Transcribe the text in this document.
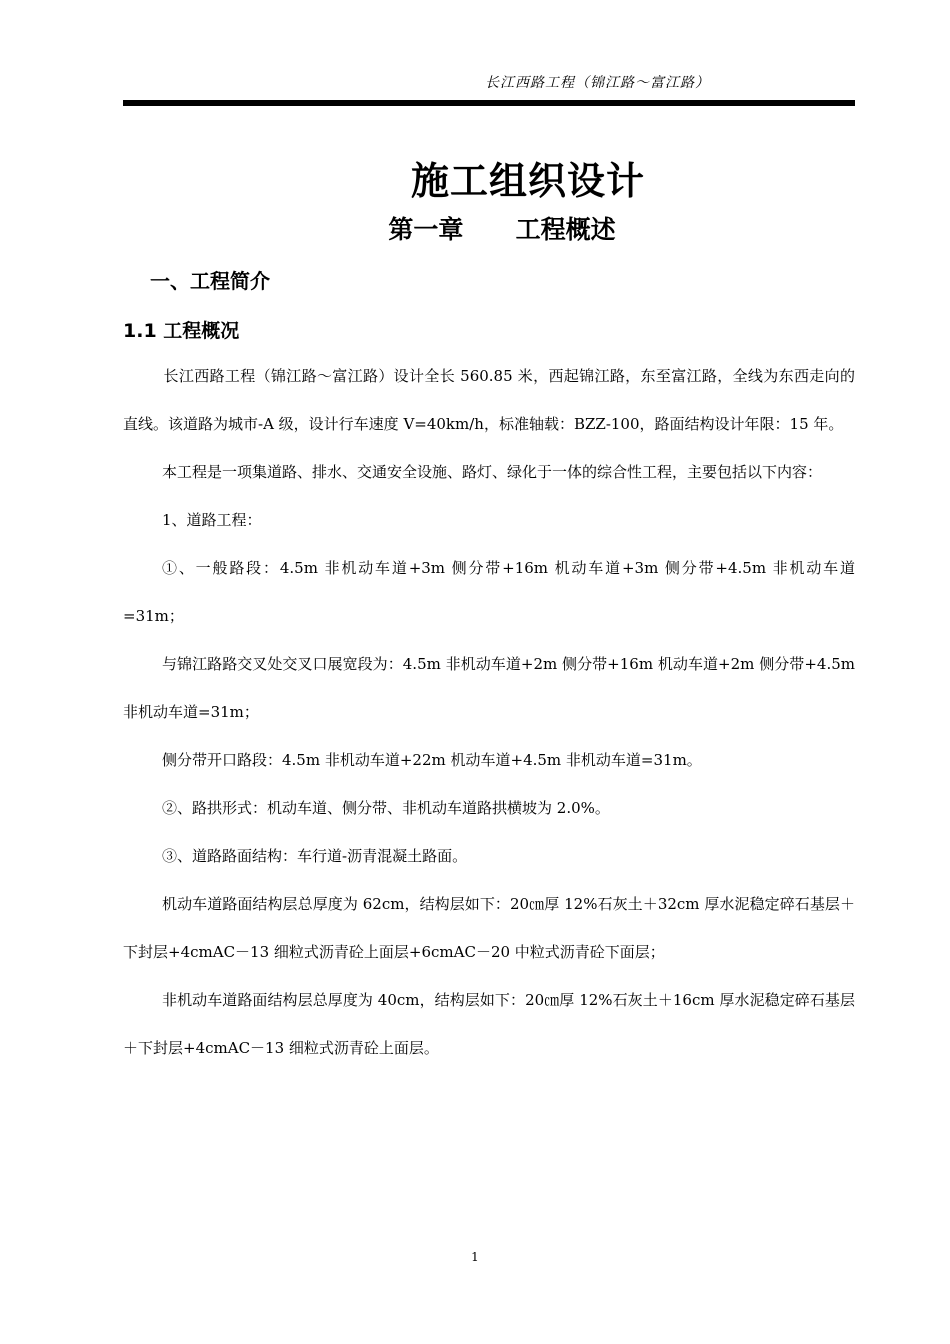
长江西路工程（锦江路～富江路）
施工组织设计
第一章      工程概述
一、工程简介
1.1 工程概况

长江西路工程（锦江路～富江路）设计全长 560.85 米，西起锦江路，东至富江路，全线为东西走向的直线。该道路为城市-A 级，设计行车速度 V=40km/h，标准轴载：BZZ-100，路面结构设计年限：15 年。

本工程是一项集道路、排水、交通安全设施、路灯、绿化于一体的综合性工程，主要包括以下内容：

1、道路工程：

①、一般路段：4.5m 非机动车道+3m 侧分带+16m 机动车道+3m 侧分带+4.5m 非机动车道=31m；

与锦江路路交叉处交叉口展宽段为：4.5m 非机动车道+2m 侧分带+16m 机动车道+2m 侧分带+4.5m 非机动车道=31m；

侧分带开口路段：4.5m 非机动车道+22m 机动车道+4.5m 非机动车道=31m。

②、路拱形式：机动车道、侧分带、非机动车道路拱横坡为 2.0%。

③、道路路面结构：车行道-沥青混凝土路面。

机动车道路面结构层总厚度为 62cm，结构层如下：20㎝厚 12%石灰土＋32cm 厚水泥稳定碎石基层＋下封层+4cmAC－13 细粒式沥青砼上面层+6cmAC－20 中粒式沥青砼下面层；

非机动车道路面结构层总厚度为 40cm，结构层如下：20㎝厚 12%石灰土＋16cm 厚水泥稳定碎石基层＋下封层+4cmAC－13 细粒式沥青砼上面层。

1
